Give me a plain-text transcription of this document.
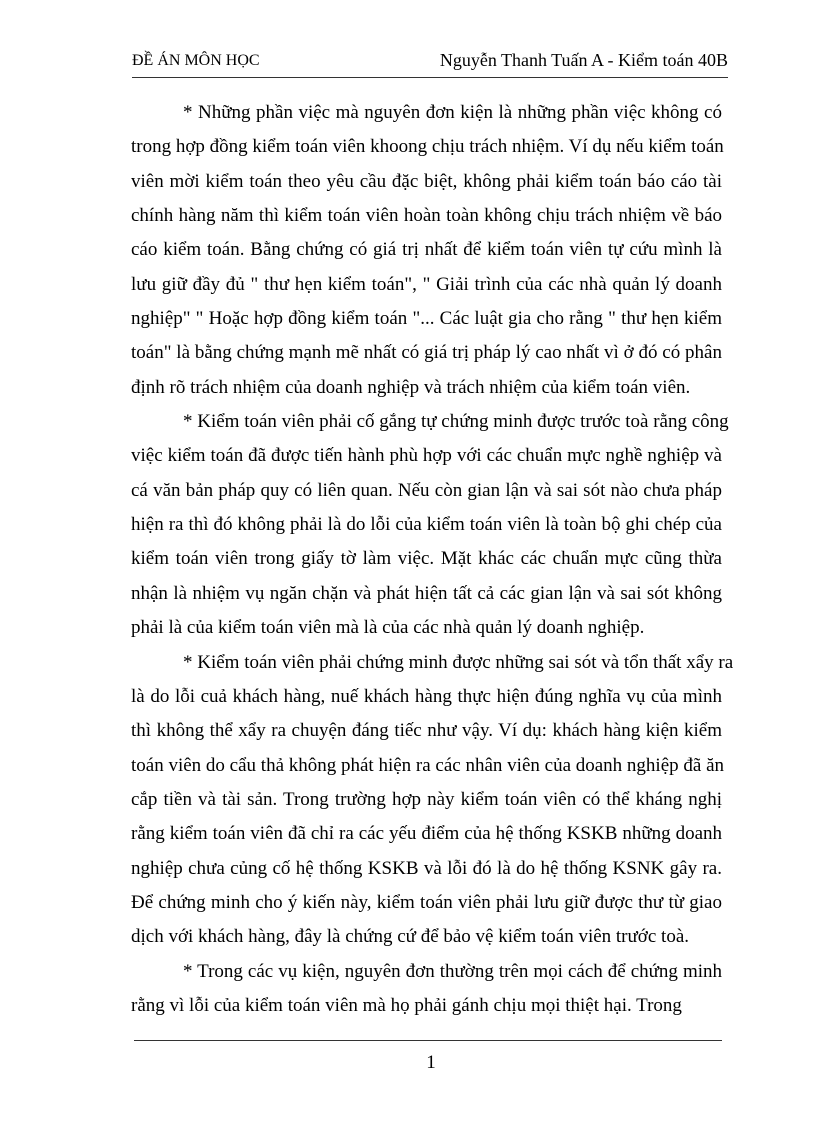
ĐỀ ÁN MÔN HỌC	Nguyễn Thanh Tuấn A - Kiểm toán 40B
* Những phần việc mà nguyên đơn kiện là những phần việc không có
trong hợp đồng kiểm toán viên khoong chịu trách nhiệm. Ví dụ nếu kiểm toán
viên mời kiểm toán theo yêu cầu đặc biệt, không phải kiểm toán báo cáo tài
chính hàng năm thì kiểm toán viên hoàn toàn không chịu trách nhiệm về báo
cáo kiểm toán. Bằng chứng có giá trị nhất để kiểm toán viên tự cứu mình là
lưu giữ đầy đủ " thư hẹn kiểm toán", " Giải trình của các nhà quản lý doanh
nghiệp" " Hoặc hợp đồng kiểm toán "... Các luật gia cho rằng " thư hẹn kiểm
toán" là bằng chứng mạnh mẽ nhất có giá trị pháp lý cao nhất vì ở đó có phân
định rõ trách nhiệm của doanh nghiệp và trách nhiệm của kiểm toán viên.
* Kiểm toán viên phải cố gắng tự chứng minh được trước toà rằng công
việc kiểm toán đã được tiến hành phù hợp với các chuẩn mực nghề nghiệp và
cá văn bản pháp quy có liên quan. Nếu còn gian lận và sai sót nào chưa pháp
hiện ra thì đó không phải là do lỗi của kiểm toán viên là toàn bộ ghi chép của
kiểm toán viên trong giấy tờ làm việc. Mặt khác các chuẩn mực cũng thừa
nhận là nhiệm vụ ngăn chặn và phát hiện tất cả các gian lận và sai sót không
phải là của kiểm toán viên mà là của các nhà quản lý doanh nghiệp.
* Kiểm toán viên phải chứng minh được những sai sót và tổn thất xẩy ra
là do lỗi cuả khách hàng, nuế khách hàng thực hiện đúng nghĩa vụ của mình
thì không thể xẩy ra chuyện đáng tiếc như vậy. Ví dụ: khách hàng kiện kiểm
toán viên do cẩu thả không phát hiện ra các nhân viên của doanh nghiệp đã ăn
cắp tiền và tài sản. Trong trường hợp này kiểm toán viên có thể kháng nghị
rằng kiểm toán viên đã chỉ ra các yếu điểm của hệ thống KSKB những doanh
nghiệp chưa củng cố hệ thống KSKB và lỗi đó là do hệ thống KSNK gây ra.
Để chứng minh cho ý kiến này, kiểm toán viên phải lưu giữ được thư từ giao
dịch với khách hàng, đây là chứng cứ để bảo vệ kiểm toán viên trước toà.
* Trong các vụ kiện, nguyên đơn thường trên mọi cách để chứng minh
rằng vì lỗi của kiểm toán viên mà họ phải gánh chịu mọi thiệt hại. Trong
1
